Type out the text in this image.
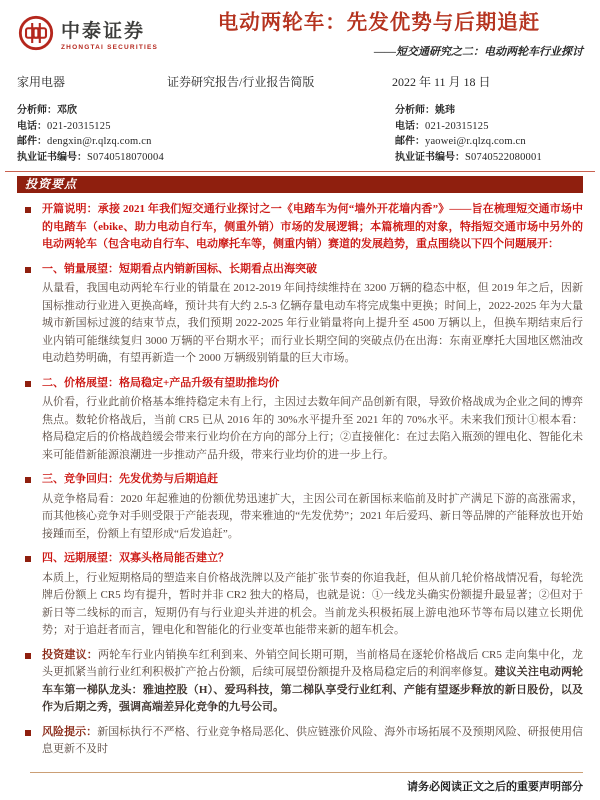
中泰证券
ZHONGTAI SECURITIES
电动两轮车：先发优势与后期追赶
——短交通研究之二：电动两轮车行业探讨
家用电器	证券研究报告/行业报告简版	2022 年 11 月 18 日
分析师：邓欣
电话：021-20315125
邮件：dengxin@r.qlzq.com.cn
执业证书编号：S0740518070004
分析师：姚玮
电话：021-20315125
邮件：yaowei@r.qlzq.com.cn
执业证书编号：S0740522080001
投资要点
开篇说明：承接 2021 年我们短交通行业探讨之一《电踏车为何“墙外开花墙内香”》——旨在梳理短交通市场中的电踏车（ebike、助力电动自行车，侧重外销）市场的发展逻辑；本篇梳理的对象，特指短交通市场中另外的电动两轮车（包含电动自行车、电动摩托车等，侧重内销）赛道的发展趋势，重点围绕以下四个问题展开：
一、销量展望：短期看点内销新国标、长期看点出海突破
从量看，我国电动两轮车行业的销量在 2012-2019 年间持续维持在 3200 万辆的稳态中枢，但 2019 年之后，因新国标推动行业进入更换高峰，预计共有大约 2.5-3 亿辆存量电动车将完成集中更换；时间上，2022-2025 年为大量城市新国标过渡的结束节点，我们预期 2022-2025 年行业销量将向上提升至 4500 万辆以上，但换车期结束后行业内销可能继续复归 3000 万辆的平台期水平；而行业长期空间的突破点仍在出海：东南亚摩托大国地区燃油改电动趋势明确，有望再新造一个 2000 万辆级别销量的巨大市场。
二、价格展望：格局稳定+产品升级有望助推均价
从价看，行业此前价格基本维持稳定未有上行，主因过去数年间产品创新有限，导致价格战成为企业之间的博弈焦点。数轮价格战后，当前 CR5 已从 2016 年的 30%水平提升至 2021 年的 70%水平。未来我们预计①根本看：格局稳定后的价格战趋缓会带来行业均价在方向的部分上行；②直接催化：在过去陷入瓶颈的锂电化、智能化未来可能借新能源浪潮进一步推动产品升级，带来行业均价的进一步上行。
三、竞争回归：先发优势与后期追赶
从竞争格局看：2020 年起雅迪的份额优势迅速扩大，主因公司在新国标来临前及时扩产满足下游的高涨需求，而其他核心竞争对手则受限于产能表现，带来雅迪的“先发优势”；2021 年后爱玛、新日等品牌的产能释放也开始接踵而至，份额上有望形成“后发追赶”。
四、远期展望：双寡头格局能否建立？
本质上，行业短期格局的塑造来自价格战洗牌以及产能扩张节奏的你追我赶，但从前几轮价格战情况看，每轮洗牌后份额上 CR5 均有提升，暂时并非 CR2 独大的格局，也就是说：①一线龙头确实份额提升最显著；②但对于新日等二线标的而言，短期仍有与行业迎头并进的机会。当前龙头积极拓展上游电池环节等布局以建立长期优势；对于追赶者而言，锂电化和智能化的行业变革也能带来新的超车机会。
投资建议：两轮车行业内销换车红利到来、外销空间长期可期，当前格局在逐轮价格战后 CR5 走向集中化，龙头更抓紧当前行业红利积极扩产抢占份额，后续可展望份额提升及格局稳定后的利润率修复。建议关注电动两轮车车第一梯队龙头：雅迪控股（H）、爱玛科技，第二梯队享受行业红利、产能有望逐步释放的新日股份，以及作为后期之秀，强调高端差异化竞争的九号公司。
风险提示：新国标执行不严格、行业竞争格局恶化、供应链涨价风险、海外市场拓展不及预期风险、研报使用信息更新不及时
请务必阅读正文之后的重要声明部分
